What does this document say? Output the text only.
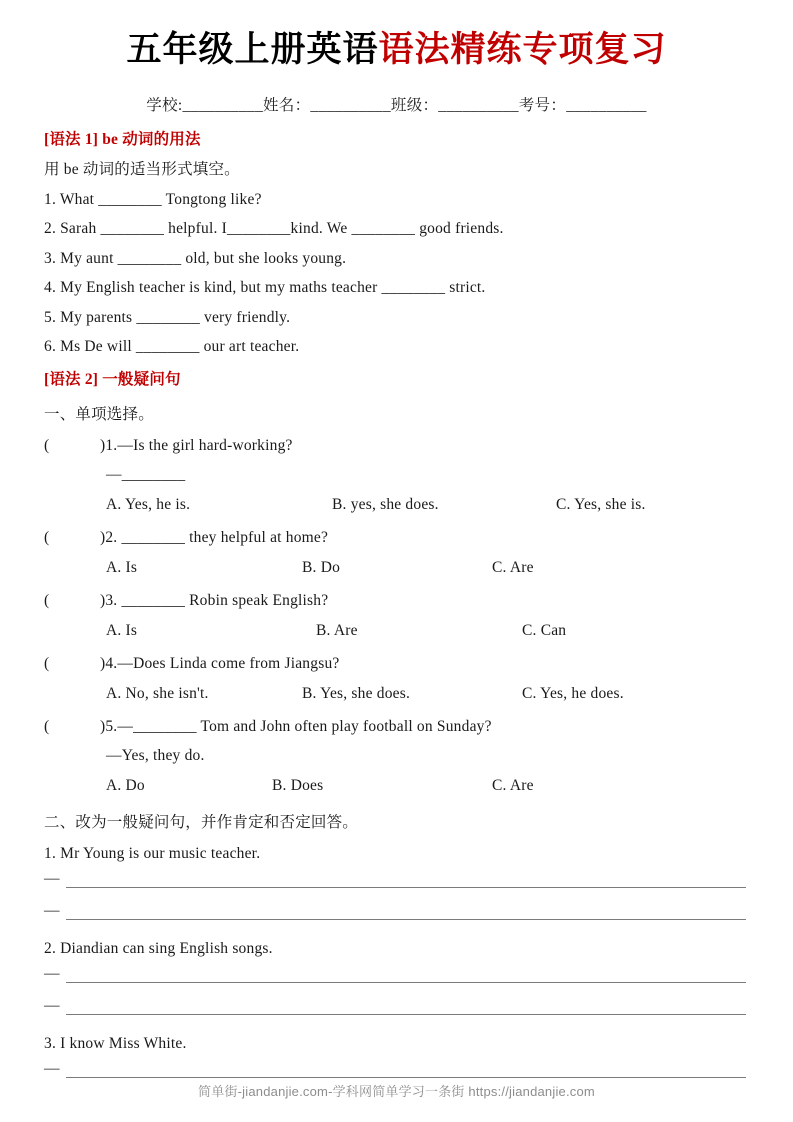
五年级上册英语语法精练专项复习
学校:__________姓名：__________班级：__________考号：__________
[语法 1] be 动词的用法
用 be 动词的适当形式填空。
1. What ________ Tongtong like?
2. Sarah ________ helpful. I________kind. We ________ good friends.
3. My aunt ________ old, but she looks young.
4. My English teacher is kind, but my maths teacher ________ strict.
5. My parents ________ very friendly.
6. Ms De will ________ our art teacher.
[语法 2] 一般疑问句
一、单项选择。
(	)1.—Is the girl hard-working?
—________
A. Yes, he is.	B. yes, she does.	C. Yes, she is.
(	)2. ________ they helpful at home?
A. Is	B. Do	C. Are
(	)3. ________ Robin speak English?
A. Is	B. Are	C. Can
(	)4.—Does Linda come from Jiangsu?
A. No, she isn't.	B. Yes, she does.	C. Yes, he does.
(	)5.—________ Tom and John often play football on Sunday?
—Yes, they do.
A. Do	B. Does	C. Are
二、改为一般疑问句，并作肯定和否定回答。
1. Mr Young is our music teacher.
—
—
2. Diandian can sing English songs.
—
—
3. I know Miss White.
—
简单街-jiandanjie.com-学科网简单学习一条街 https://jiandanjie.com
